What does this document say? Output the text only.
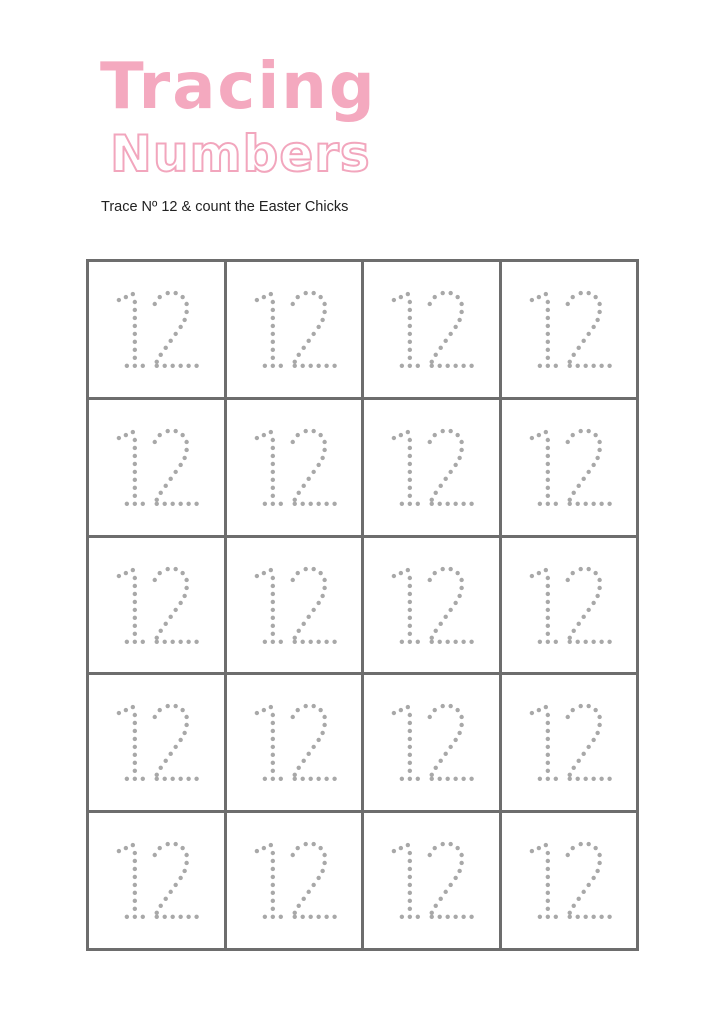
Tracing
Numbers
Trace Nº 12 & count the Easter Chicks
